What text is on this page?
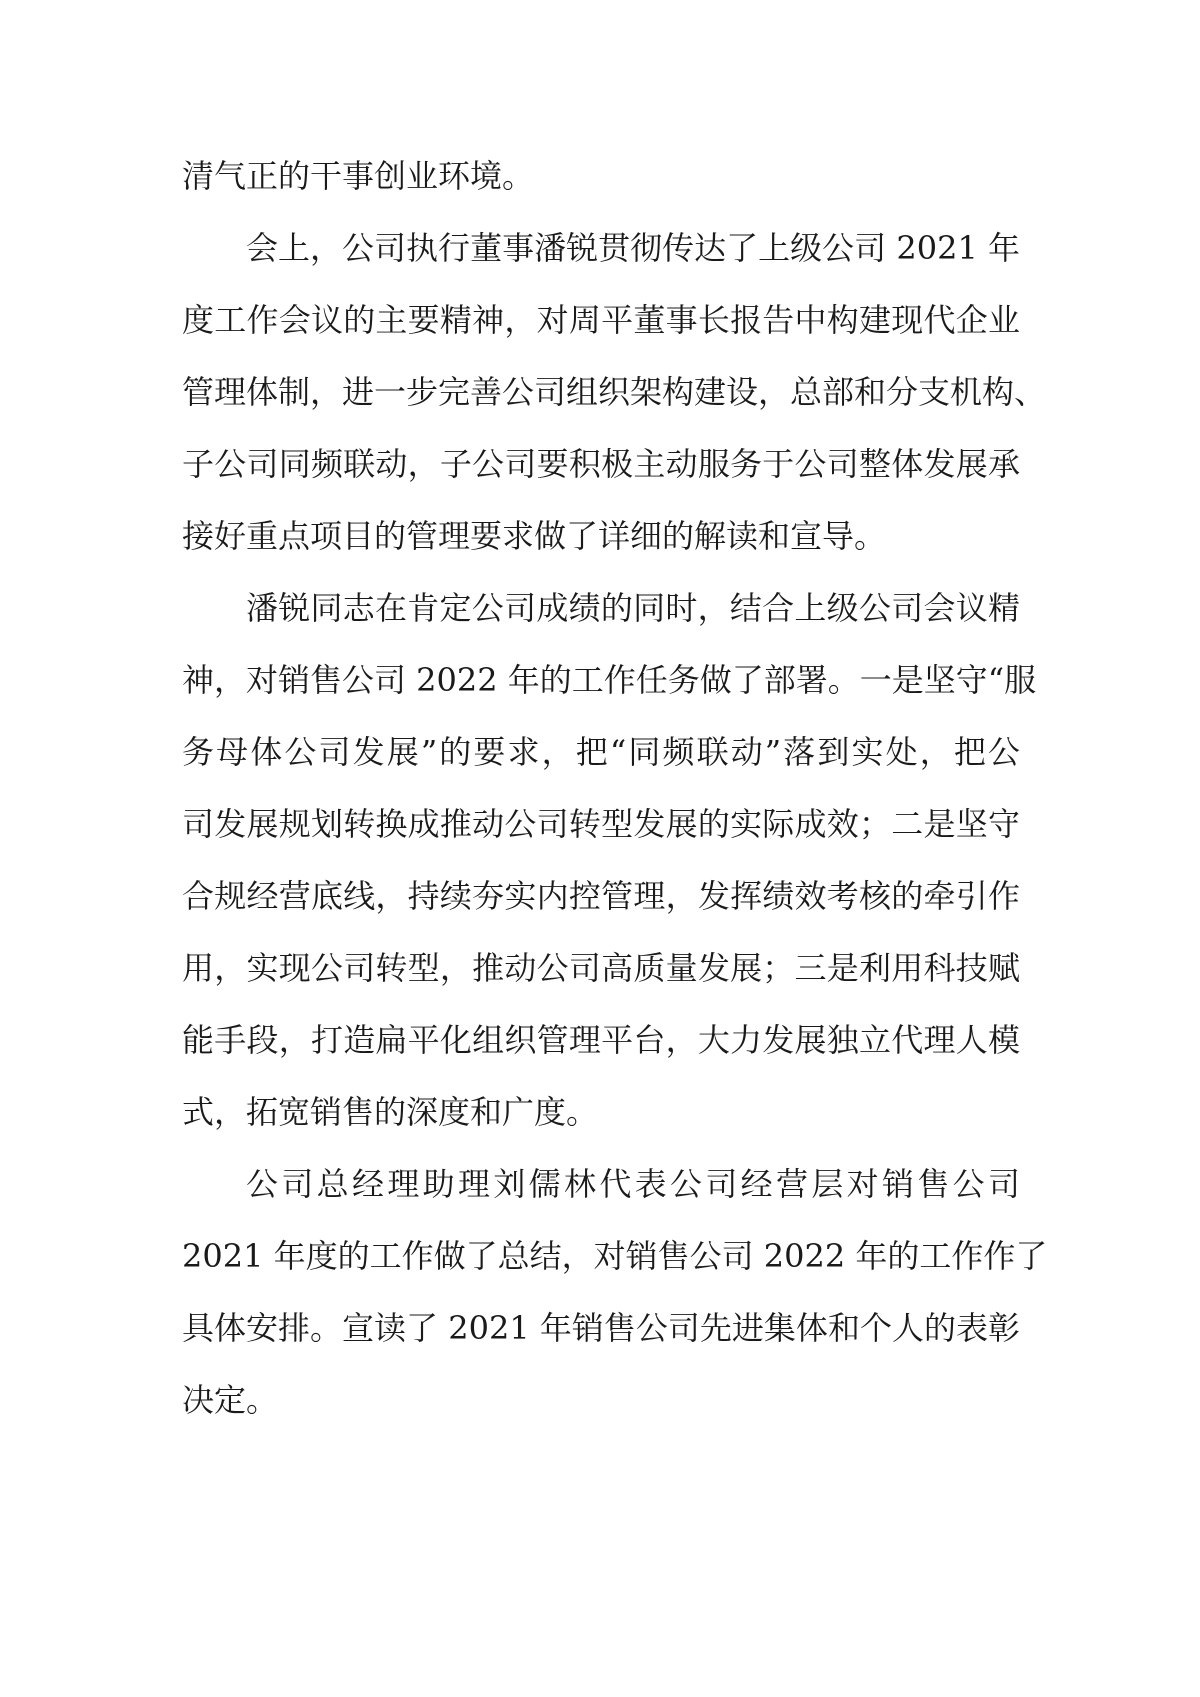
清气正的干事创业环境。
会上，公司执行董事潘锐贯彻传达了上级公司 2021 年
度工作会议的主要精神，对周平董事长报告中构建现代企业
管理体制，进一步完善公司组织架构建设，总部和分支机构、
子公司同频联动，子公司要积极主动服务于公司整体发展承
接好重点项目的管理要求做了详细的解读和宣导。
潘锐同志在肯定公司成绩的同时，结合上级公司会议精
神，对销售公司 2022 年的工作任务做了部署。一是坚守“服
务母体公司发展”的要求，把“同频联动”落到实处，把公
司发展规划转换成推动公司转型发展的实际成效；二是坚守
合规经营底线，持续夯实内控管理，发挥绩效考核的牵引作
用，实现公司转型，推动公司高质量发展；三是利用科技赋
能手段，打造扁平化组织管理平台，大力发展独立代理人模
式，拓宽销售的深度和广度。
公司总经理助理刘儒林代表公司经营层对销售公司
2021 年度的工作做了总结，对销售公司 2022 年的工作作了
具体安排。宣读了 2021 年销售公司先进集体和个人的表彰
决定。
